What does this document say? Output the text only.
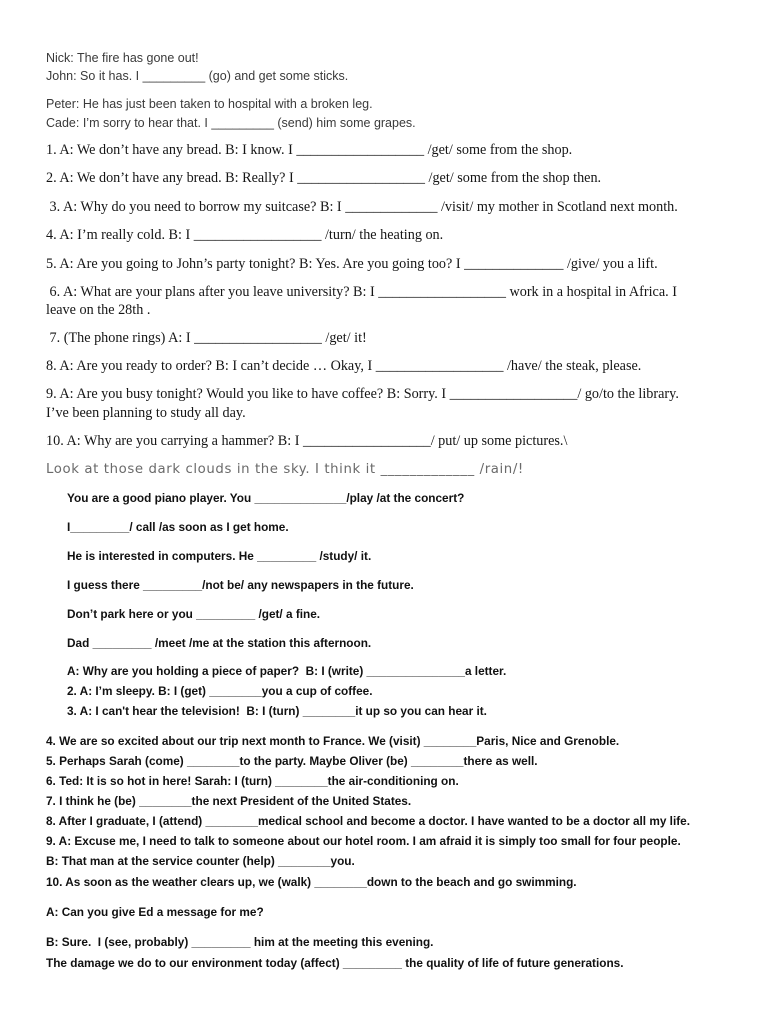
Nick: The fire has gone out!

John: So it has. I _________ (go) and get some sticks.

Peter: He has just been taken to hospital with a broken leg.

Cade: I’m sorry to hear that. I _________ (send) him some grapes.

1. A: We don’t have any bread. B: I know. I __________________ /get/ some from the shop.

2. A: We don’t have any bread. B: Really? I __________________ /get/ some from the shop then.

3. A: Why do you need to borrow my suitcase? B: I _____________ /visit/ my mother in Scotland next month.

4. A: I’m really cold. B: I __________________ /turn/ the heating on.

5. A: Are you going to John’s party tonight? B: Yes. Are you going too? I ______________ /give/ you a lift.

6. A: What are your plans after you leave university? B: I __________________ work in a hospital in Africa. I

leave on the 28th .

7. (The phone rings) A: I __________________ /get/ it!

8. A: Are you ready to order? B: I can’t decide … Okay, I __________________ /have/ the steak, please.

9. A: Are you busy tonight? Would you like to have coffee? B: Sorry. I __________________/ go/to the library.

I’ve been planning to study all day.

10. A: Why are you carrying a hammer? B: I __________________/ put/ up some pictures.\

Look at those dark clouds in the sky. I think it _____________ /rain/!

You are a good piano player. You ______________/play /at the concert?

I_________/ call /as soon as I get home.

He is interested in computers. He _________ /study/ it.

I guess there _________/not be/ any newspapers in the future.

Don’t park here or you _________ /get/ a fine.

Dad _________ /meet /me at the station this afternoon.

A: Why are you holding a piece of paper?  B: I (write) _______________a letter.

2. A: I’m sleepy. B: I (get) ________you a cup of coffee.

3. A: I can't hear the television!  B: I (turn) ________it up so you can hear it.

4. We are so excited about our trip next month to France. We (visit) ________Paris, Nice and Grenoble.

5. Perhaps Sarah (come) ________to the party. Maybe Oliver (be) ________there as well.

6. Ted: It is so hot in here! Sarah: I (turn) ________the air-conditioning on.

7. I think he (be) ________the next President of the United States.

8. After I graduate, I (attend) ________medical school and become a doctor. I have wanted to be a doctor all my life.

9. A: Excuse me, I need to talk to someone about our hotel room. I am afraid it is simply too small for four people.

B: That man at the service counter (help) ________you.

10. As soon as the weather clears up, we (walk) ________down to the beach and go swimming.

A: Can you give Ed a message for me?

B: Sure.  I (see, probably) _________ him at the meeting this evening.

The damage we do to our environment today (affect) _________ the quality of life of future generations.
